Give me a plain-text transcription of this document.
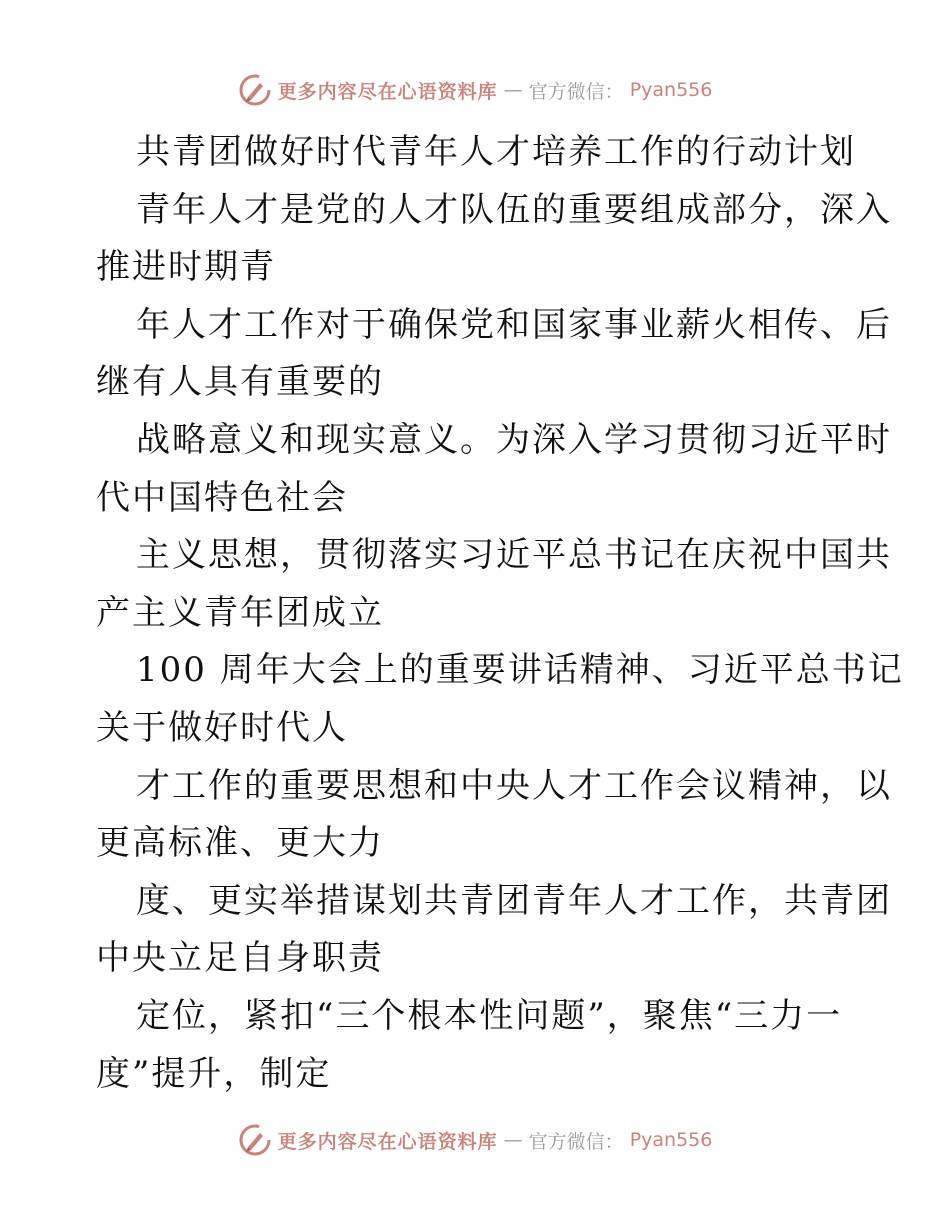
更多内容尽在心语资料库 — 官方微信： Pyan556
共青团做好时代青年人才培养工作的行动计划
青年人才是党的人才队伍的重要组成部分，深入
推进时期青
年人才工作对于确保党和国家事业薪火相传、后
继有人具有重要的
战略意义和现实意义。为深入学习贯彻习近平时
代中国特色社会
主义思想，贯彻落实习近平总书记在庆祝中国共
产主义青年团成立
100 周年大会上的重要讲话精神、习近平总书记
关于做好时代人
才工作的重要思想和中央人才工作会议精神，以
更高标准、更大力
度、更实举措谋划共青团青年人才工作，共青团
中央立足自身职责
定位，紧扣“三个根本性问题”，聚焦“三力一
度”提升，制定
更多内容尽在心语资料库 — 官方微信： Pyan556
